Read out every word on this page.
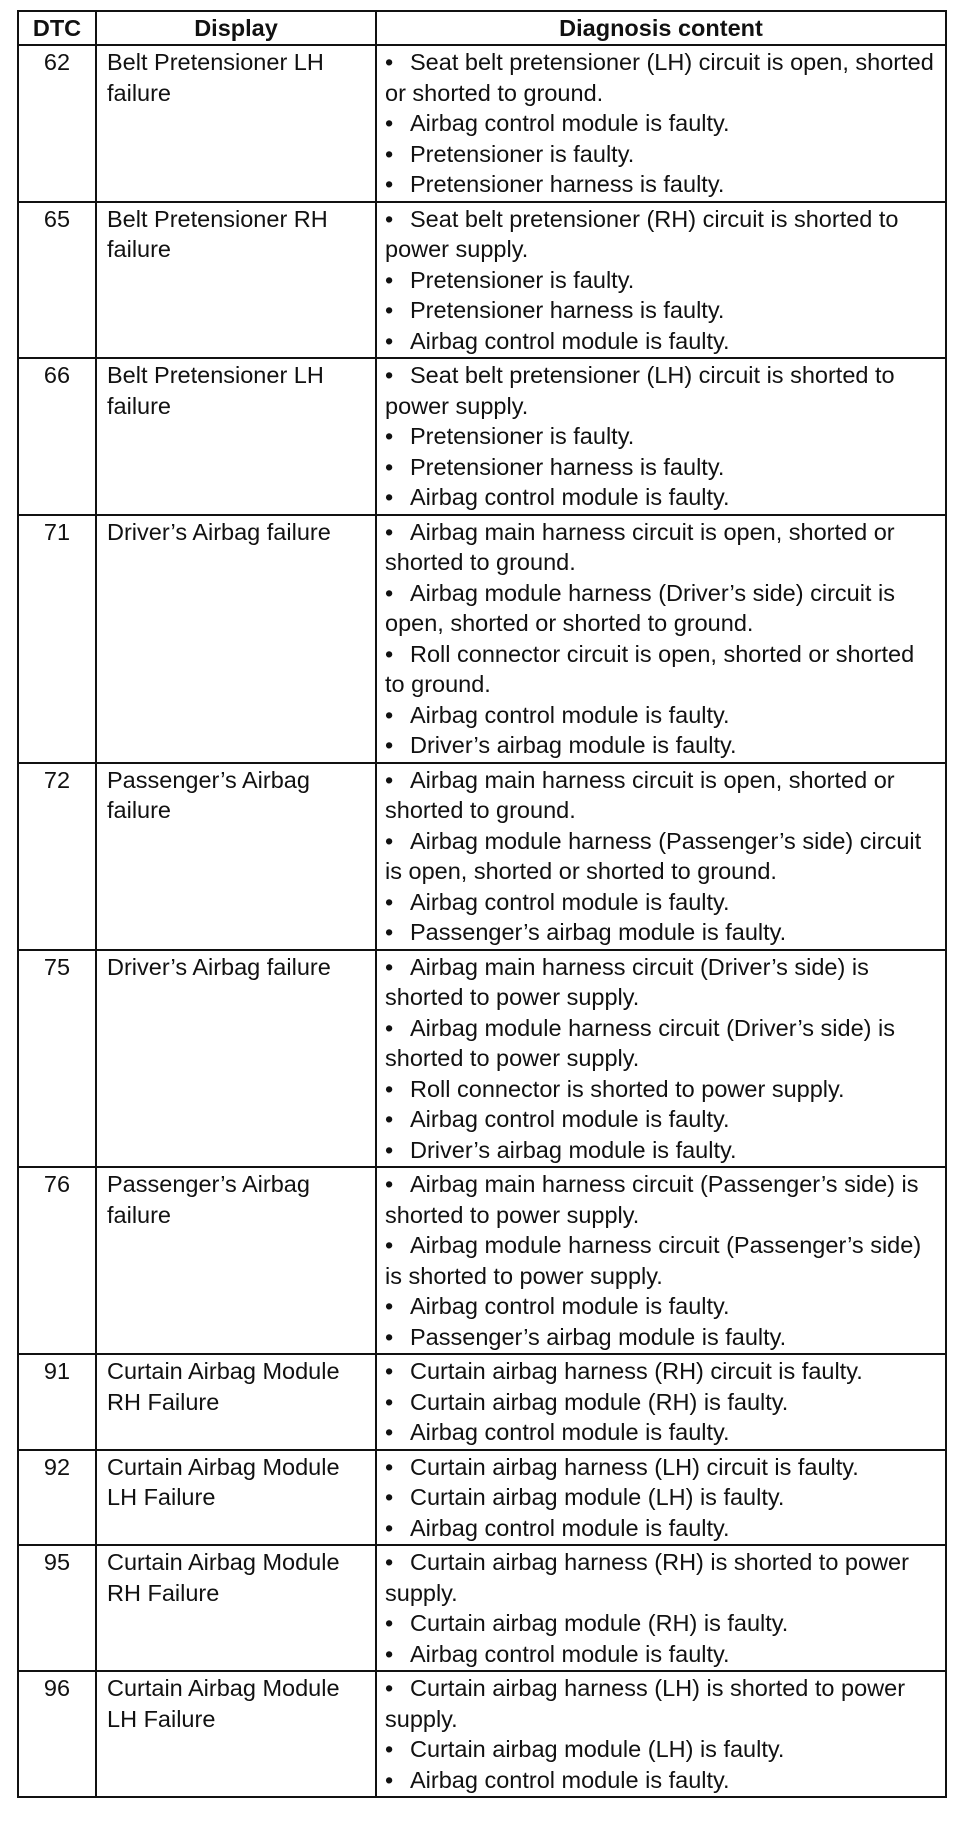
DTC	Display	Diagnosis content
62	Belt Pretensioner LH failure	• Seat belt pretensioner (LH) circuit is open, shorted or shorted to ground.
• Airbag control module is faulty.
• Pretensioner is faulty.
• Pretensioner harness is faulty.

65	Belt Pretensioner RH failure	• Seat belt pretensioner (RH) circuit is shorted to power supply.
• Pretensioner is faulty.
• Pretensioner harness is faulty.
• Airbag control module is faulty.

66	Belt Pretensioner LH failure	• Seat belt pretensioner (LH) circuit is shorted to power supply.
• Pretensioner is faulty.
• Pretensioner harness is faulty.
• Airbag control module is faulty.

71	Driver’s Airbag failure	• Airbag main harness circuit is open, shorted or shorted to ground.
• Airbag module harness (Driver’s side) circuit is open, shorted or shorted to ground.
• Roll connector circuit is open, shorted or shorted to ground.
• Airbag control module is faulty.
• Driver’s airbag module is faulty.

72	Passenger’s Airbag failure	• Airbag main harness circuit is open, shorted or shorted to ground.
• Airbag module harness (Passenger’s side) circuit is open, shorted or shorted to ground.
• Airbag control module is faulty.
• Passenger’s airbag module is faulty.

75	Driver’s Airbag failure	• Airbag main harness circuit (Driver’s side) is shorted to power supply.
• Airbag module harness circuit (Driver’s side) is shorted to power supply.
• Roll connector is shorted to power supply.
• Airbag control module is faulty.
• Driver’s airbag module is faulty.

76	Passenger’s Airbag failure	• Airbag main harness circuit (Passenger’s side) is shorted to power supply.
• Airbag module harness circuit (Passenger’s side) is shorted to power supply.
• Airbag control module is faulty.
• Passenger’s airbag module is faulty.

91	Curtain Airbag Module RH Failure	• Curtain airbag harness (RH) circuit is faulty.
• Curtain airbag module (RH) is faulty.
• Airbag control module is faulty.

92	Curtain Airbag Module LH Failure	• Curtain airbag harness (LH) circuit is faulty.
• Curtain airbag module (LH) is faulty.
• Airbag control module is faulty.

95	Curtain Airbag Module RH Failure	• Curtain airbag harness (RH) is shorted to power supply.
• Curtain airbag module (RH) is faulty.
• Airbag control module is faulty.

96	Curtain Airbag Module LH Failure	• Curtain airbag harness (LH) is shorted to power supply.
• Curtain airbag module (LH) is faulty.
• Airbag control module is faulty.
